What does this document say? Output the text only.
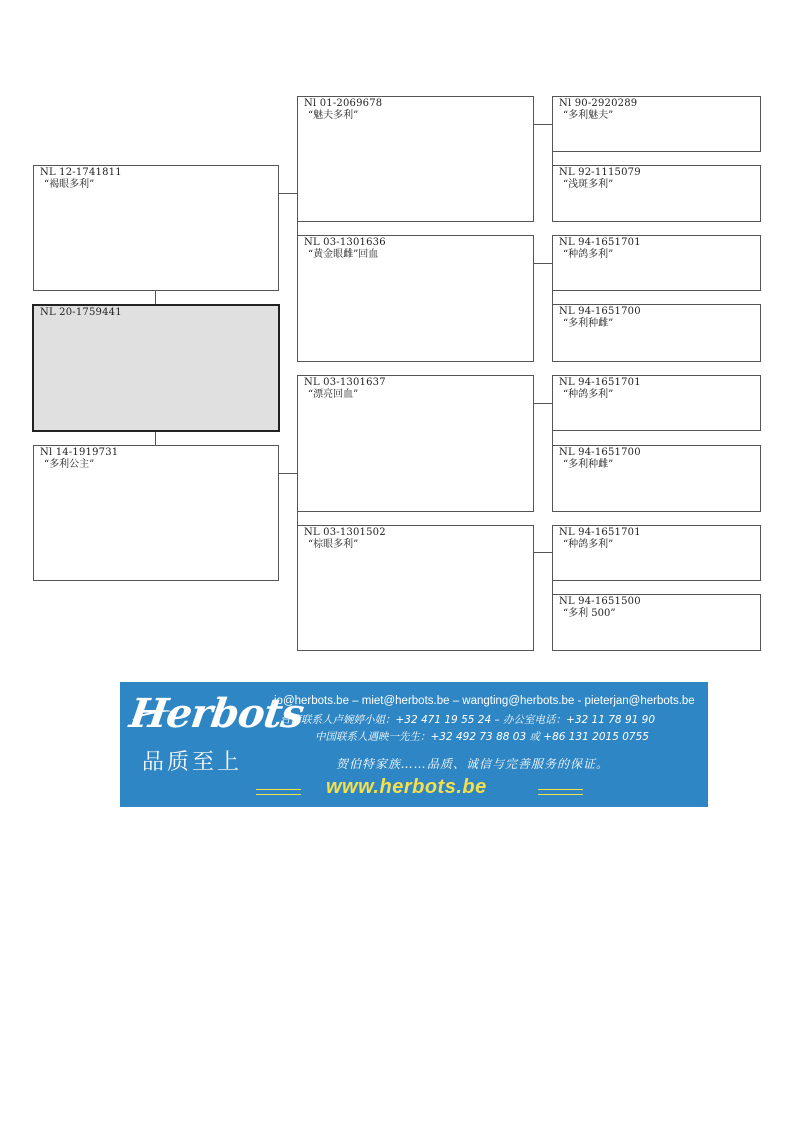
NL 12-1741811
“褐眼多利”
NL 20-1759441
Nl 14-1919731
“多利公主”
Nl 01-2069678
“魅夫多利”
NL 03-1301636
“黄金眼雌”回血
NL 03-1301637
“漂亮回血”
NL 03-1301502
“棕眼多利”
Nl 90-2920289
“多利魅夫”
NL 92-1115079
“浅斑多利”
NL 94-1651701
“种鸽多利”
NL 94-1651700
“多利种雌”
NL 94-1651701
“种鸽多利”
NL 94-1651700
“多利种雌”
NL 94-1651701
“种鸽多利”
NL 94-1651500
“多利 500”
Herbots
品质至上
jo@herbots.be – miet@herbots.be – wangting@herbots.be - pieterjan@herbots.be
台湾联系人卢婉婷小姐：+32 471 19 55 24 – 办公室电话：+32 11 78 91 90
中国联系人遇映一先生：+32 492 73 88 03 或 +86 131 2015 0755
贺伯特家族……品质、诚信与完善服务的保证。
www.herbots.be
